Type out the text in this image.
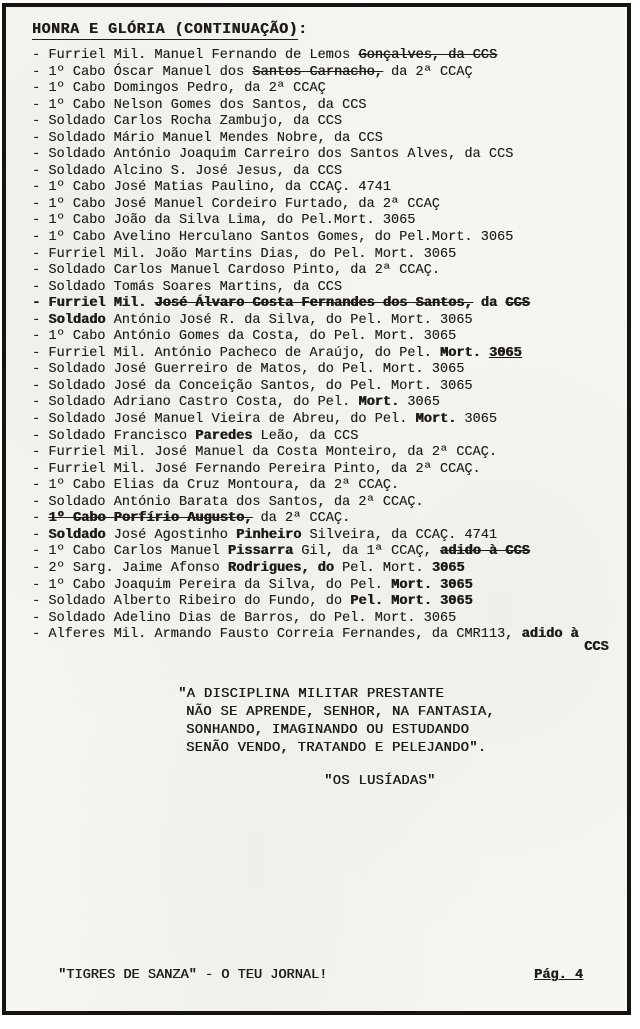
HONRA E GLÓRIA (CONTINUAÇÃO):
- Furriel Mil. Manuel Fernando de Lemos Gonçalves, da CCS
- 1º Cabo Óscar Manuel dos Santos Carnacho, da 2ª CCAÇ
- 1º Cabo Domingos Pedro, da 2ª CCAÇ
- 1º Cabo Nelson Gomes dos Santos, da CCS
- Soldado Carlos Rocha Zambujo, da CCS
- Soldado Mário Manuel Mendes Nobre, da CCS
- Soldado António Joaquim Carreiro dos Santos Alves, da CCS
- Soldado Alcino S. José Jesus, da CCS
- 1º Cabo José Matias Paulino, da CCAÇ. 4741
- 1º Cabo José Manuel Cordeiro Furtado, da 2ª CCAÇ
- 1º Cabo João da Silva Lima, do Pel.Mort. 3065
- 1º Cabo Avelino Herculano Santos Gomes, do Pel.Mort. 3065
- Furriel Mil. João Martins Dias, do Pel. Mort. 3065
- Soldado Carlos Manuel Cardoso Pinto, da 2ª CCAÇ.
- Soldado Tomás Soares Martins, da CCS
- Furriel Mil. José Álvaro Costa Fernandes dos Santos, da CCS
- Soldado António José R. da Silva, do Pel. Mort. 3065
- 1º Cabo António Gomes da Costa, do Pel. Mort. 3065
- Furriel Mil. António Pacheco de Araújo, do Pel. Mort. 3065
- Soldado José Guerreiro de Matos, do Pel. Mort. 3065
- Soldado José da Conceição Santos, do Pel. Mort. 3065
- Soldado Adriano Castro Costa, do Pel. Mort. 3065
- Soldado José Manuel Vieira de Abreu, do Pel. Mort. 3065
- Soldado Francisco Paredes Leão, da CCS
- Furriel Mil. José Manuel da Costa Monteiro, da 2ª CCAÇ.
- Furriel Mil. José Fernando Pereira Pinto, da 2ª CCAÇ.
- 1º Cabo Elias da Cruz Montoura, da 2ª CCAÇ.
- Soldado António Barata dos Santos, da 2ª CCAÇ.
- 1º Cabo Porfírio Augusto, da 2ª CCAÇ.
- Soldado José Agostinho Pinheiro Silveira, da CCAÇ. 4741
- 1º Cabo Carlos Manuel Pissarra Gil, da 1ª CCAÇ, adido à CCS
- 2º Sarg. Jaime Afonso Rodrigues, do Pel. Mort. 3065
- 1º Cabo Joaquim Pereira da Silva, do Pel. Mort. 3065
- Soldado Alberto Ribeiro do Fundo, do Pel. Mort. 3065
- Soldado Adelino Dias de Barros, do Pel. Mort. 3065
- Alferes Mil. Armando Fausto Correia Fernandes, da CMR113, adido à
CCS
"A DISCIPLINA MILITAR PRESTANTE
NÃO SE APRENDE, SENHOR, NA FANTASIA,
SONHANDO, IMAGINANDO OU ESTUDANDO
SENÃO VENDO, TRATANDO E PELEJANDO".
"OS LUSÍADAS"
"TIGRES DE SANZA" - O TEU JORNAL!	Pág. 4
